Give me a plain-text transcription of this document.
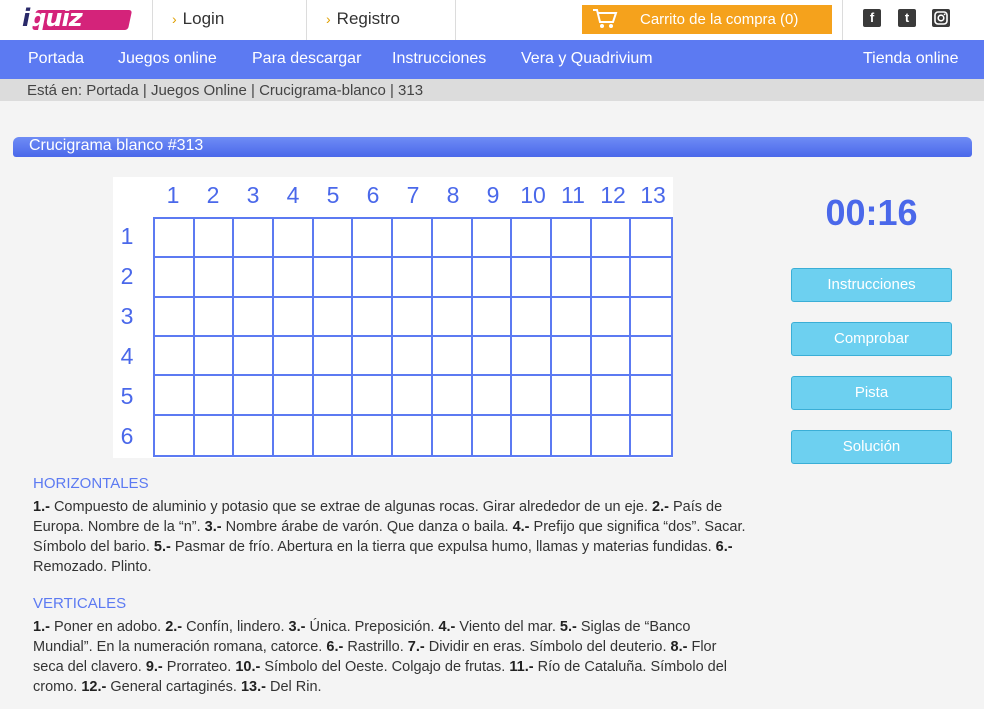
iquiz	› Login	› Registro	Carrito de la compra (0)	f	t
Portada Juegos online Para descargar Instrucciones Vera y Quadrivium	Tienda online
Está en: Portada | Juegos Online | Crucigrama-blanco | 313
Crucigrama blanco #313
1	2	3	4	5	6	7	8	9 10 11 12 13
1
2
3
4
5
6
00:16
Instrucciones
Comprobar
Pista
Solución
HORIZONTALES
1.- Compuesto de aluminio y potasio que se extrae de algunas rocas. Girar alrededor de un eje. 2.- País de Europa. Nombre de la “n”. 3.- Nombre árabe de varón. Que danza o baila. 4.- Prefijo que significa “dos”. Sacar. Símbolo del bario. 5.- Pasmar de frío. Abertura en la tierra que expulsa humo, llamas y materias fundidas. 6.- Remozado. Plinto.
VERTICALES
1.- Poner en adobo. 2.- Confín, lindero. 3.- Única. Preposición. 4.- Viento del mar. 5.- Siglas de “Banco Mundial”. En la numeración romana, catorce. 6.- Rastrillo. 7.- Dividir en eras. Símbolo del deuterio. 8.- Flor seca del clavero. 9.- Prorrateo. 10.- Símbolo del Oeste. Colgajo de frutas. 11.- Río de Cataluña. Símbolo del cromo. 12.- General cartaginés. 13.- Del Rin.
